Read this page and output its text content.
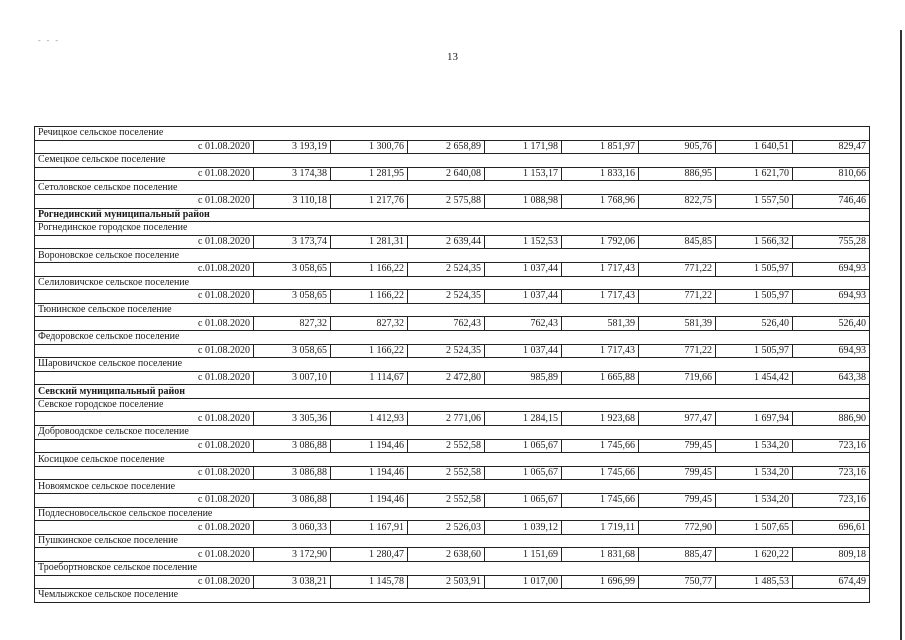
- - -
13
Речицкое сельское поселение								
с 01.08.2020	3 193,19	1 300,76	2 658,89	1 171,98	1 851,97	905,76	1 640,51	829,47
Семецкое сельское поселение								
с 01.08.2020	3 174,38	1 281,95	2 640,08	1 153,17	1 833,16	886,95	1 621,70	810,66
Сетоловское сельское поселение								
с 01.08.2020	3 110,18	1 217,76	2 575,88	1 088,98	1 768,96	822,75	1 557,50	746,46
Рогнединский муниципальный район								
Рогнединское городское поселение								
с 01.08.2020	3 173,74	1 281,31	2 639,44	1 152,53	1 792,06	845,85	1 566,32	755,28
Вороновское сельское поселение								
с.01.08.2020	3 058,65	1 166,22	2 524,35	1 037,44	1 717,43	771,22	1 505,97	694,93
Селиловичское сельское поселение								
с 01.08.2020	3 058,65	1 166,22	2 524,35	1 037,44	1 717,43	771,22	1 505,97	694,93
Тюнинское сельское поселение								
с 01.08.2020	827,32	827,32	762,43	762,43	581,39	581,39	526,40	526,40
Федоровское сельское поселение								
с 01.08.2020	3 058,65	1 166,22	2 524,35	1 037,44	1 717,43	771,22	1 505,97	694,93
Шаровичское сельское поселение								
с 01.08.2020	3 007,10	1 114,67	2 472,80	985,89	1 665,88	719,66	1 454,42	643,38
Севский муниципальный район								
Севское городское поселение								
с 01.08.2020	3 305,36	1 412,93	2 771,06	1 284,15	1 923,68	977,47	1 697,94	886,90
Добровоодское сельское поселение								
с 01.08.2020	3 086,88	1 194,46	2 552,58	1 065,67	1 745,66	799,45	1 534,20	723,16
Косицкое сельское поселение								
с 01.08.2020	3 086,88	1 194,46	2 552,58	1 065,67	1 745,66	799,45	1 534,20	723,16
Новоямское сельское поселение								
с 01.08.2020	3 086,88	1 194,46	2 552,58	1 065,67	1 745,66	799,45	1 534,20	723,16
Подлесновосельское сельское поселение								
с 01.08.2020	3 060,33	1 167,91	2 526,03	1 039,12	1 719,11	772,90	1 507,65	696,61
Пушкинское сельское поселение								
с 01.08.2020	3 172,90	1 280,47	2 638,60	1 151,69	1 831,68	885,47	1 620,22	809,18
Троебортновское сельское поселение								
с 01.08.2020	3 038,21	1 145,78	2 503,91	1 017,00	1 696,99	750,77	1 485,53	674,49
Чемлыжское сельское поселение								
